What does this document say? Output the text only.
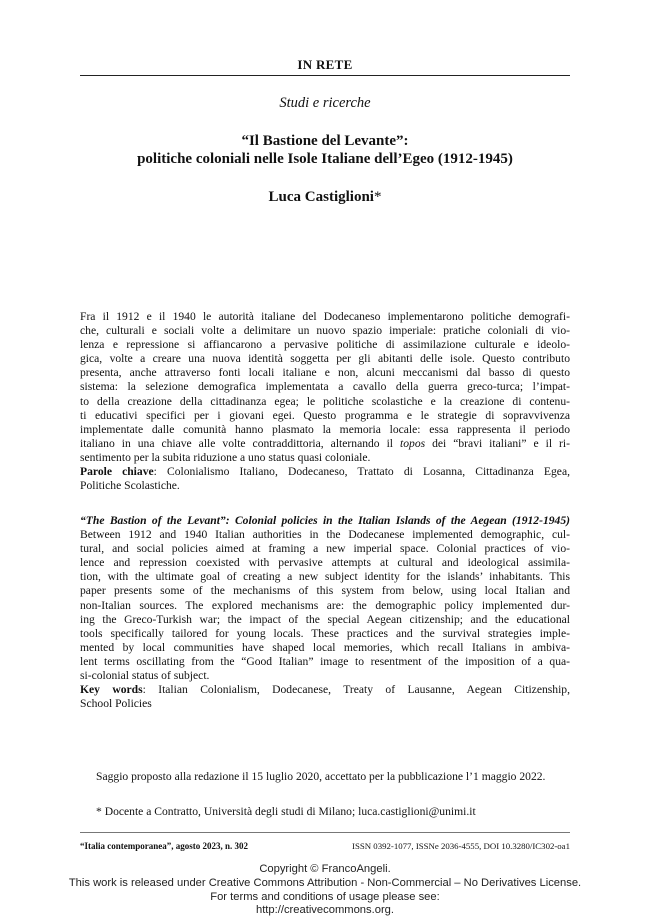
IN RETE
Studi e ricerche
“Il Bastione del Levante”:
politiche coloniali nelle Isole Italiane dell’Egeo (1912-1945)
Luca Castiglioni*
Fra il 1912 e il 1940 le autorità italiane del Dodecaneso implementarono politiche demografi-
che, culturali e sociali volte a delimitare un nuovo spazio imperiale: pratiche coloniali di vio-
lenza e repressione si affiancarono a pervasive politiche di assimilazione culturale e ideolo-
gica, volte a creare una nuova identità soggetta per gli abitanti delle isole. Questo contributo
presenta, anche attraverso fonti locali italiane e non, alcuni meccanismi dal basso di questo
sistema: la selezione demografica implementata a cavallo della guerra greco-turca; l’impat-
to della creazione della cittadinanza egea; le politiche scolastiche e la creazione di contenu-
ti educativi specifici per i giovani egei. Questo programma e le strategie di sopravvivenza
implementate dalle comunità hanno plasmato la memoria locale: essa rappresenta il periodo
italiano in una chiave alle volte contraddittoria, alternando il topos dei “bravi italiani” e il ri-
sentimento per la subita riduzione a uno status quasi coloniale.
Parole chiave: Colonialismo Italiano, Dodecaneso, Trattato di Losanna, Cittadinanza Egea,
Politiche Scolastiche.
“The Bastion of the Levant”: Colonial policies in the Italian Islands of the Aegean (1912-1945)
Between 1912 and 1940 Italian authorities in the Dodecanese implemented demographic, cul-
tural, and social policies aimed at framing a new imperial space. Colonial practices of vio-
lence and repression coexisted with pervasive attempts at cultural and ideological assimila-
tion, with the ultimate goal of creating a new subject identity for the islands’ inhabitants. This
paper presents some of the mechanisms of this system from below, using local Italian and
non-Italian sources. The explored mechanisms are: the demographic policy implemented dur-
ing the Greco-Turkish war; the impact of the special Aegean citizenship; and the educational
tools specifically tailored for young locals. These practices and the survival strategies imple-
mented by local communities have shaped local memories, which recall Italians in ambiva-
lent terms oscillating from the “Good Italian” image to resentment of the imposition of a qua-
si-colonial status of subject.
Key words: Italian Colonialism, Dodecanese, Treaty of Lausanne, Aegean Citizenship,
School Policies
Saggio proposto alla redazione il 15 luglio 2020, accettato per la pubblicazione l’1 maggio 2022.
* Docente a Contratto, Università degli studi di Milano; luca.castiglioni@unimi.it
“Italia contemporanea”, agosto 2023, n. 302	ISSN 0392-1077, ISSNe 2036-4555, DOI 10.3280/IC302-oa1
Copyright © FrancoAngeli.
This work is released under Creative Commons Attribution - Non-Commercial – No Derivatives License.
For terms and conditions of usage please see:
http://creativecommons.org.
